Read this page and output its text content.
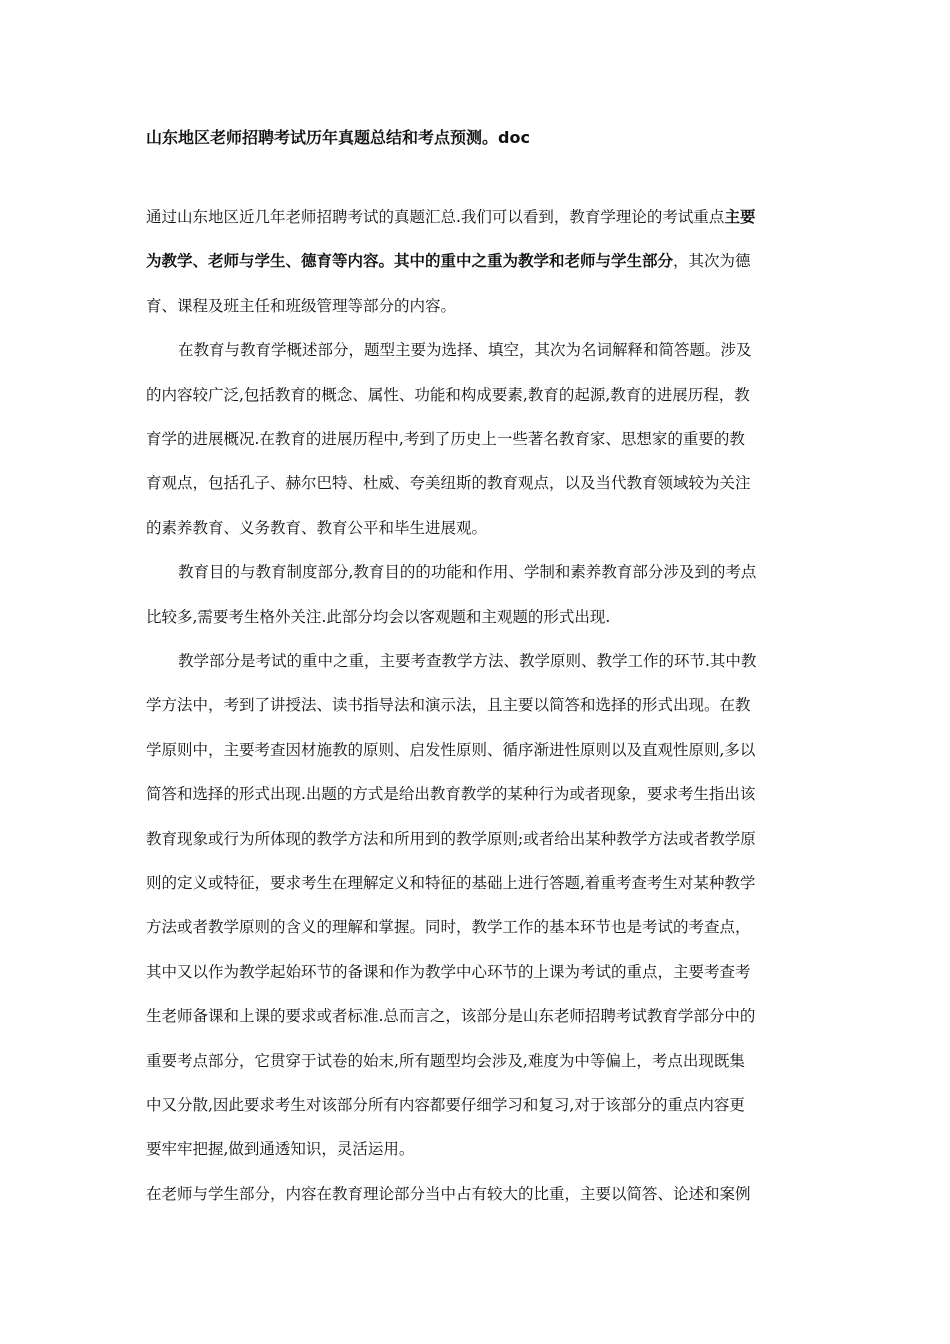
山东地区老师招聘考试历年真题总结和考点预测。doc
通过山东地区近几年老师招聘考试的真题汇总.我们可以看到，教育学理论的考试重点主要
为教学、老师与学生、德育等内容。其中的重中之重为教学和老师与学生部分，其次为德
育、课程及班主任和班级管理等部分的内容。
在教育与教育学概述部分，题型主要为选择、填空，其次为名词解释和简答题。涉及
的内容较广泛,包括教育的概念、属性、功能和构成要素,教育的起源,教育的进展历程，教
育学的进展概况.在教育的进展历程中,考到了历史上一些著名教育家、思想家的重要的教
育观点，包括孔子、赫尔巴特、杜威、夸美纽斯的教育观点，以及当代教育领域较为关注
的素养教育、义务教育、教育公平和毕生进展观。
教育目的与教育制度部分,教育目的的功能和作用、学制和素养教育部分涉及到的考点
比较多,需要考生格外关注.此部分均会以客观题和主观题的形式出现.
教学部分是考试的重中之重，主要考查教学方法、教学原则、教学工作的环节.其中教
学方法中，考到了讲授法、读书指导法和演示法，且主要以简答和选择的形式出现。在教
学原则中，主要考查因材施教的原则、启发性原则、循序渐进性原则以及直观性原则,多以
简答和选择的形式出现.出题的方式是给出教育教学的某种行为或者现象，要求考生指出该
教育现象或行为所体现的教学方法和所用到的教学原则;或者给出某种教学方法或者教学原
则的定义或特征，要求考生在理解定义和特征的基础上进行答题,着重考查考生对某种教学
方法或者教学原则的含义的理解和掌握。同时，教学工作的基本环节也是考试的考查点，
其中又以作为教学起始环节的备课和作为教学中心环节的上课为考试的重点，主要考查考
生老师备课和上课的要求或者标准.总而言之，该部分是山东老师招聘考试教育学部分中的
重要考点部分，它贯穿于试卷的始末,所有题型均会涉及,难度为中等偏上，考点出现既集
中又分散,因此要求考生对该部分所有内容都要仔细学习和复习,对于该部分的重点内容更
要牢牢把握,做到通透知识，灵活运用。
在老师与学生部分，内容在教育理论部分当中占有较大的比重，主要以简答、论述和案例
